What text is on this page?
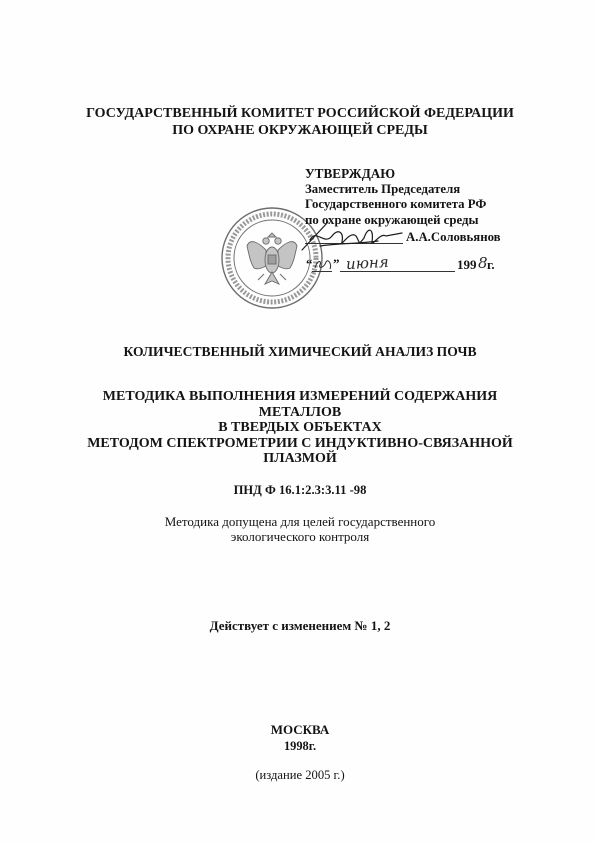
ГОСУДАРСТВЕННЫЙ КОМИТЕТ РОССИЙСКОЙ ФЕДЕРАЦИИ
ПО ОХРАНЕ ОКРУЖАЮЩЕЙ СРЕДЫ
УТВЕРЖДАЮ
Заместитель Председателя
Государственного комитета РФ
по охране окружающей среды
А.А.Соловьянов
“ ” июня	199 8 г.
КОЛИЧЕСТВЕННЫЙ ХИМИЧЕСКИЙ АНАЛИЗ ПОЧВ
МЕТОДИКА ВЫПОЛНЕНИЯ ИЗМЕРЕНИЙ СОДЕРЖАНИЯ
МЕТАЛЛОВ
В ТВЕРДЫХ ОБЪЕКТАХ
МЕТОДОМ СПЕКТРОМЕТРИИ С ИНДУКТИВНО-СВЯЗАННОЙ
ПЛАЗМОЙ
ПНД Ф 16.1:2.3:3.11 -98
Методика допущена для целей государственного
экологического контроля
Действует с изменением № 1, 2
МОСКВА
1998г.
(издание 2005 г.)
